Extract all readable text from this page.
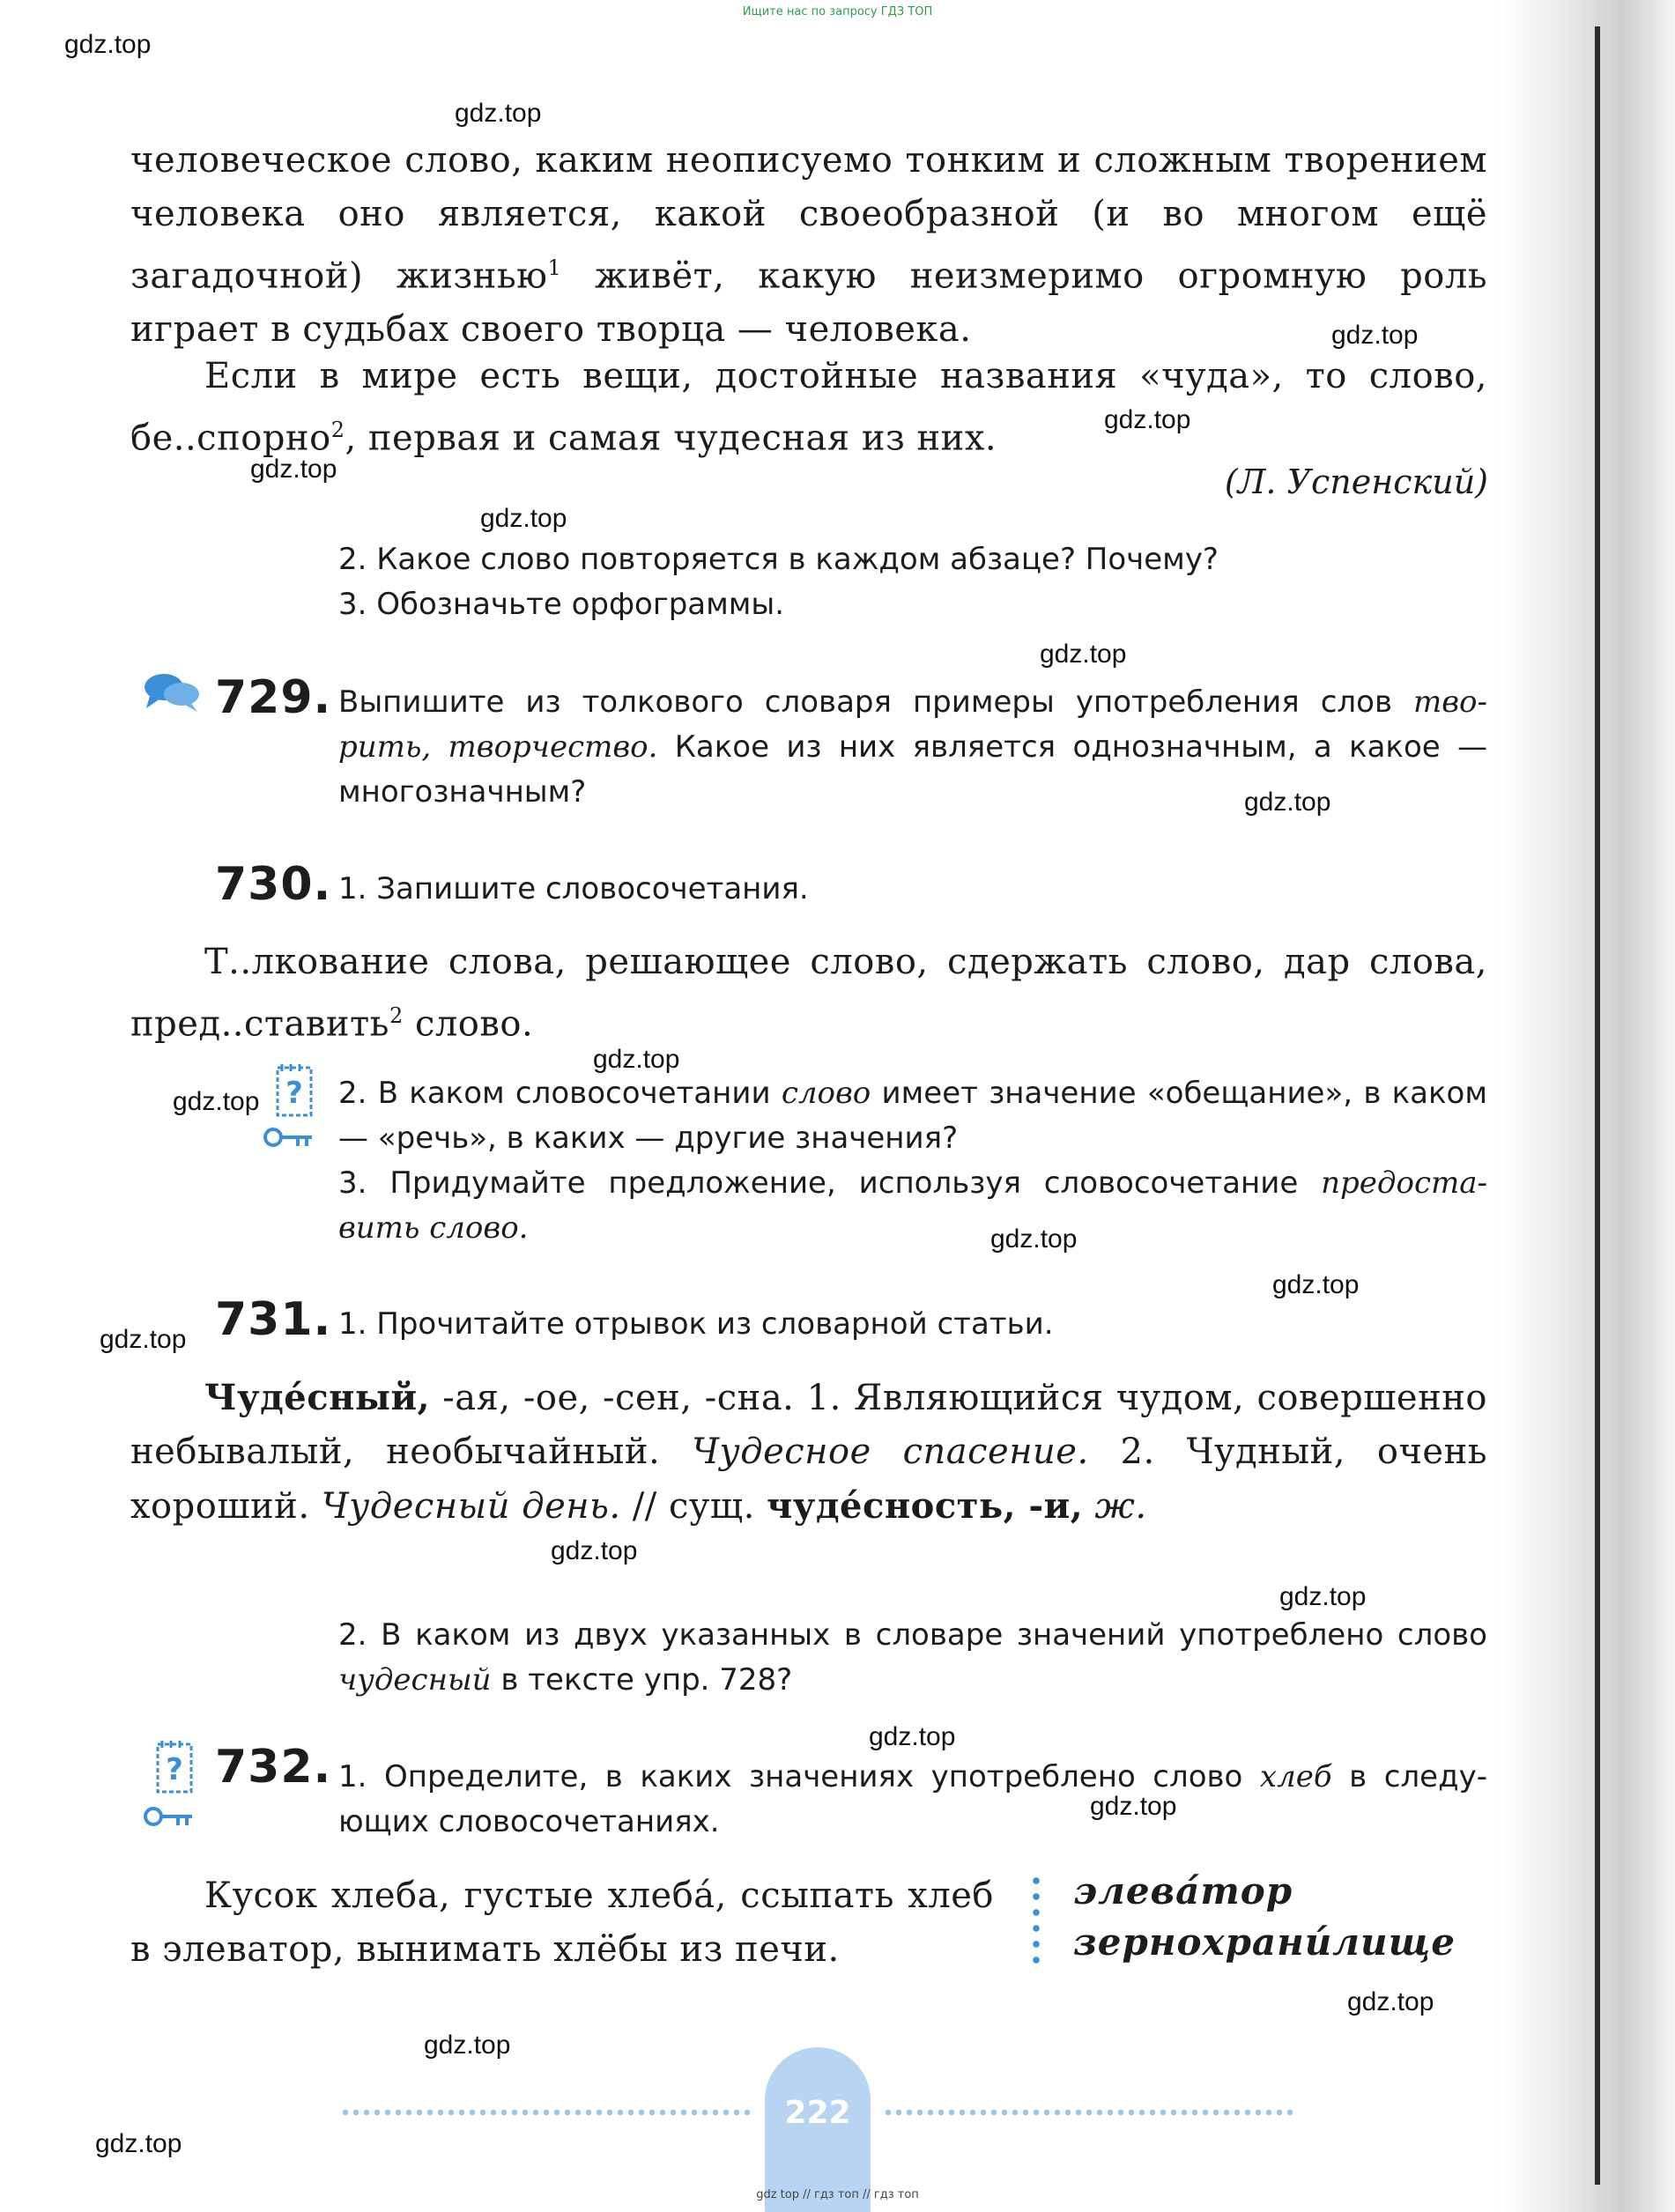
Ищите нас по запросу ГДЗ ТОП
gdz.top
gdz.top
gdz.top
gdz.top
gdz.top
gdz.top
gdz.top
gdz.top
gdz.top
gdz.top
gdz.top
gdz.top
gdz.top
gdz.top
gdz.top
gdz.top
gdz.top
gdz.top
gdz.top
gdz.top
человеческое слово, каким неописуемо тонким и сложным творением человека оно является, какой своеобразной (и во многом ещё загадочной) жизнью$^1$ живёт, какую неизмеримо огромную роль играет в судьбах своего творца — человека.
Если в мире есть вещи, достойные названия «чуда», то слово, бе..спорно$^2$, первая и самая чудесная из них.
(Л. Успенский)
2. Какое слово повторяется в каждом абзаце? Почему?
3. Обозначьте орфограммы.
729. Выпишите из толкового словаря примеры употребления слов творить, творчество. Какое из них является однозначным, а какое — многозначным?
730. 1. Запишите словосочетания.
Т..лкование слова, решающее слово, сдержать слово, дар слова, пред..ставить$^2$ слово.
? 2. В каком словосочетании слово имеет значение «обещание», в каком — «речь», в каких — другие значения?
3. Придумайте предложение, используя словосочетание предоставить слово.
731. 1. Прочитайте отрывок из словарной статьи.
Чуде́сный, -ая, -ое, -сен, -сна. 1. Являющийся чудом, совершенно небывалый, необычайный. Чудесное спасение. 2. Чудный, очень хороший. Чудесный день. // сущ. чуде́сность, -и, ж.
2. В каком из двух указанных в словаре значений употреблено слово чудесный в тексте упр. 728?
? 732. 1. Определите, в каких значениях употреблено слово хлеб в следующих словосочетаниях.
Кусок хлеба, густые хлеба́, ссыпать хлеб в элеватор, вынимать хлёбы из печи.
элева́тор
зернохрани́лище
222
gdz top // гдз топ // гдз топ
